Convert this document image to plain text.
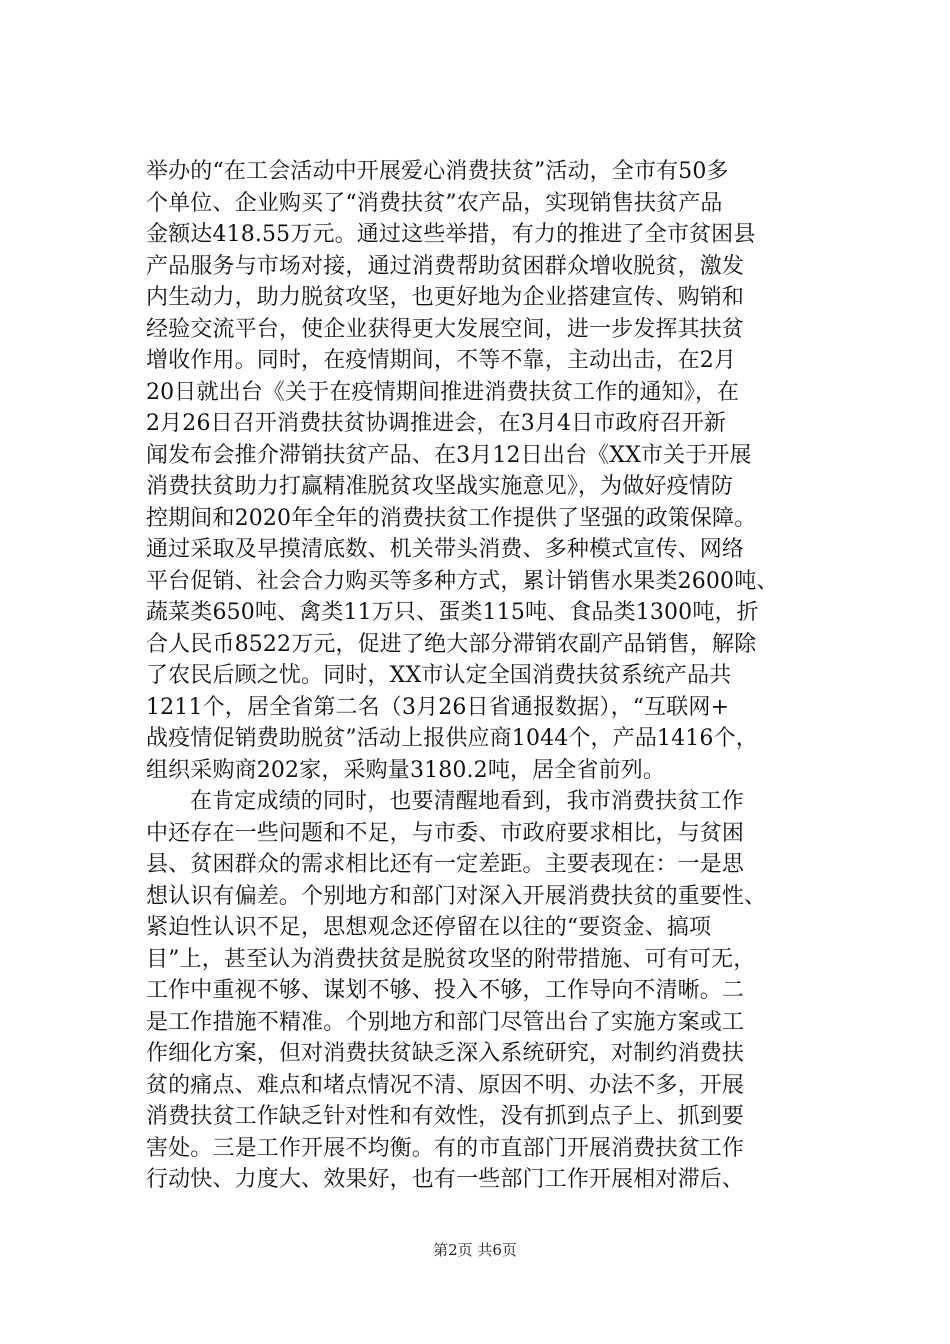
举办的“在工会活动中开展爱心消费扶贫”活动，全市有50多
个单位、企业购买了“消费扶贫”农产品，实现销售扶贫产品
金额达418.55万元。通过这些举措，有力的推进了全市贫困县
产品服务与市场对接，通过消费帮助贫困群众增收脱贫，激发
内生动力，助力脱贫攻坚，也更好地为企业搭建宣传、购销和
经验交流平台，使企业获得更大发展空间，进一步发挥其扶贫
增收作用。同时，在疫情期间，不等不靠，主动出击，在2月
20日就出台《关于在疫情期间推进消费扶贫工作的通知》，在
2月26日召开消费扶贫协调推进会，在3月4日市政府召开新
闻发布会推介滞销扶贫产品、在3月12日出台《XX市关于开展
消费扶贫助力打赢精准脱贫攻坚战实施意见》，为做好疫情防
控期间和2020年全年的消费扶贫工作提供了坚强的政策保障。
通过采取及早摸清底数、机关带头消费、多种模式宣传、网络
平台促销、社会合力购买等多种方式，累计销售水果类2600吨、
蔬菜类650吨、禽类11万只、蛋类115吨、食品类1300吨，折
合人民币8522万元，促进了绝大部分滞销农副产品销售，解除
了农民后顾之忧。同时，XX市认定全国消费扶贫系统产品共
1211个，居全省第二名（3月26日省通报数据），“互联网+
战疫情促销费助脱贫”活动上报供应商1044个，产品1416个，
组织采购商202家，采购量3180.2吨，居全省前列。
在肯定成绩的同时，也要清醒地看到，我市消费扶贫工作
中还存在一些问题和不足，与市委、市政府要求相比，与贫困
县、贫困群众的需求相比还有一定差距。主要表现在：一是思
想认识有偏差。个别地方和部门对深入开展消费扶贫的重要性、
紧迫性认识不足，思想观念还停留在以往的“要资金、搞项
目”上，甚至认为消费扶贫是脱贫攻坚的附带措施、可有可无，
工作中重视不够、谋划不够、投入不够，工作导向不清晰。二
是工作措施不精准。个别地方和部门尽管出台了实施方案或工
作细化方案，但对消费扶贫缺乏深入系统研究，对制约消费扶
贫的痛点、难点和堵点情况不清、原因不明、办法不多，开展
消费扶贫工作缺乏针对性和有效性，没有抓到点子上、抓到要
害处。三是工作开展不均衡。有的市直部门开展消费扶贫工作
行动快、力度大、效果好，也有一些部门工作开展相对滞后、
第2页 共6页
